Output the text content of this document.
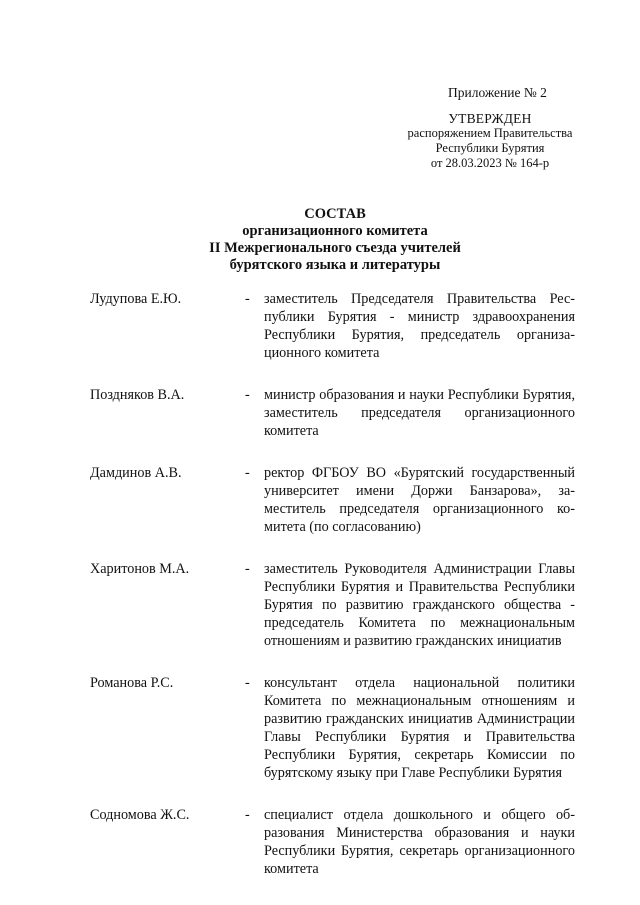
Приложение № 2
УТВЕРЖДЕН
распоряжением Правительства
Республики Бурятия
от 28.03.2023 № 164-р
СОСТАВ
организационного комитета
II Межрегионального съезда учителей
бурятского языка и литературы
Лудупова Е.Ю.	-	заместитель Председателя Правительства Республики Бурятия - министр здравоохранения Республики Бурятия, председатель организационного комитета
Поздняков В.А.	-	министр образования и науки Республики Бурятия, заместитель председателя организационного комитета
Дамдинов А.В.	-	ректор ФГБОУ ВО «Бурятский государственный университет имени Доржи Банзарова», заместитель председателя организационного комитета (по согласованию)
Харитонов М.А.	-	заместитель Руководителя Администрации Главы Республики Бурятия и Правительства Республики Бурятия по развитию гражданского общества - председатель Комитета по межнациональным отношениям и развитию гражданских инициатив
Романова Р.С.	-	консультант отдела национальной политики Комитета по межнациональным отношениям и развитию гражданских инициатив Администрации Главы Республики Бурятия и Правительства Республики Бурятия, секретарь Комиссии по бурятскому языку при Главе Республики Бурятия
Содномова Ж.С.	-	специалист отдела дошкольного и общего образования Министерства образования и науки Республики Бурятия, секретарь организационного комитета
